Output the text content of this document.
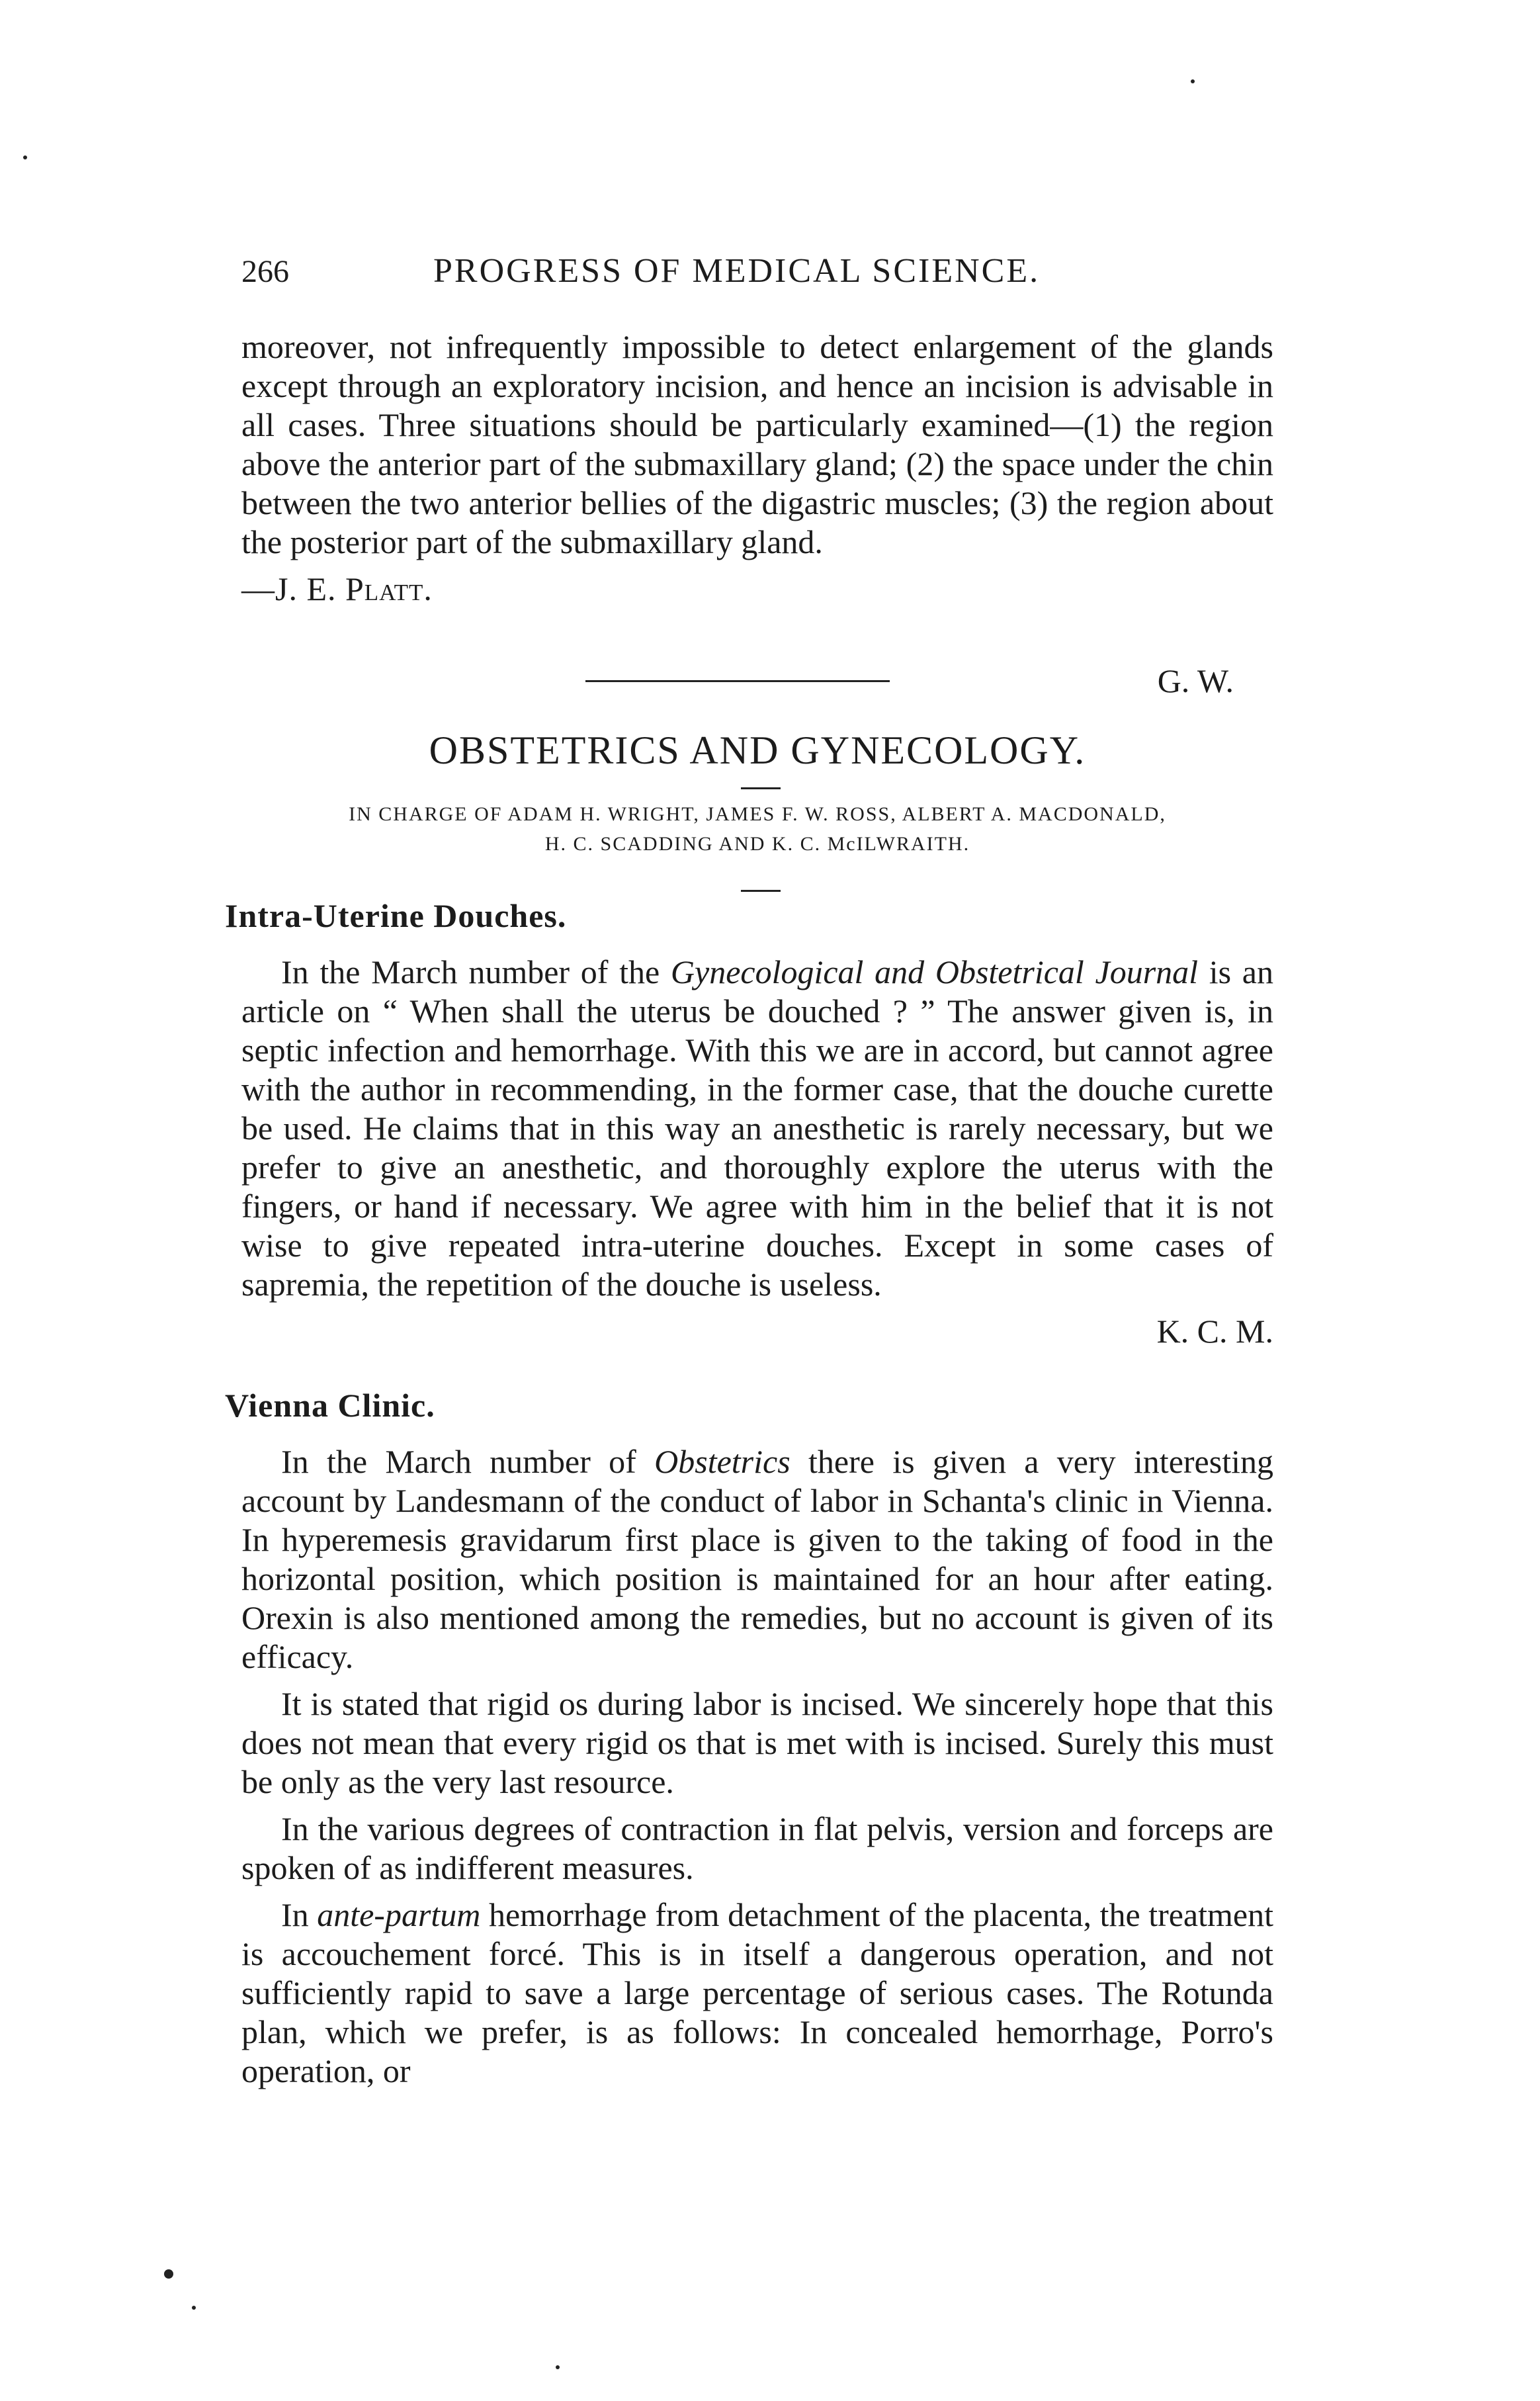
266	PROGRESS OF MEDICAL SCIENCE.

moreover, not infrequently impossible to detect enlargement of the glands except through an exploratory incision, and hence an incision is advisable in all cases. Three situations should be particularly examined—(1) the region above the anterior part of the submaxillary gland; (2) the space under the chin between the two anterior bellies of the digastric muscles; (3) the region about the posterior part of the submaxillary gland.

—J. E. Platt.

G. W.
OBSTETRICS AND GYNECOLOGY.
IN CHARGE OF ADAM H. WRIGHT, JAMES F. W. ROSS, ALBERT A. MACDONALD,
H. C. SCADDING AND K. C. McILWRAITH.
Intra-Uterine Douches.

In the March number of the Gynecological and Obstetrical Journal is an article on “ When shall the uterus be douched ? ” The answer given is, in septic infection and hemorrhage. With this we are in accord, but cannot agree with the author in recommending, in the former case, that the douche curette be used. He claims that in this way an anesthetic is rarely necessary, but we prefer to give an anesthetic, and thoroughly explore the uterus with the fingers, or hand if necessary. We agree with him in the belief that it is not wise to give repeated intra-uterine douches. Except in some cases of sapremia, the repetition of the douche is useless.

K. C. M.

Vienna Clinic.

In the March number of Obstetrics there is given a very interesting account by Landesmann of the conduct of labor in Schanta's clinic in Vienna. In hyperemesis gravidarum first place is given to the taking of food in the horizontal position, which position is maintained for an hour after eating. Orexin is also mentioned among the remedies, but no account is given of its efficacy.

It is stated that rigid os during labor is incised. We sincerely hope that this does not mean that every rigid os that is met with is incised. Surely this must be only as the very last resource.

In the various degrees of contraction in flat pelvis, version and forceps are spoken of as indifferent measures.

In ante-partum hemorrhage from detachment of the placenta, the treatment is accouchement forcé. This is in itself a dangerous operation, and not sufficiently rapid to save a large percentage of serious cases. The Rotunda plan, which we prefer, is as follows: In concealed hemorrhage, Porro's operation, or
